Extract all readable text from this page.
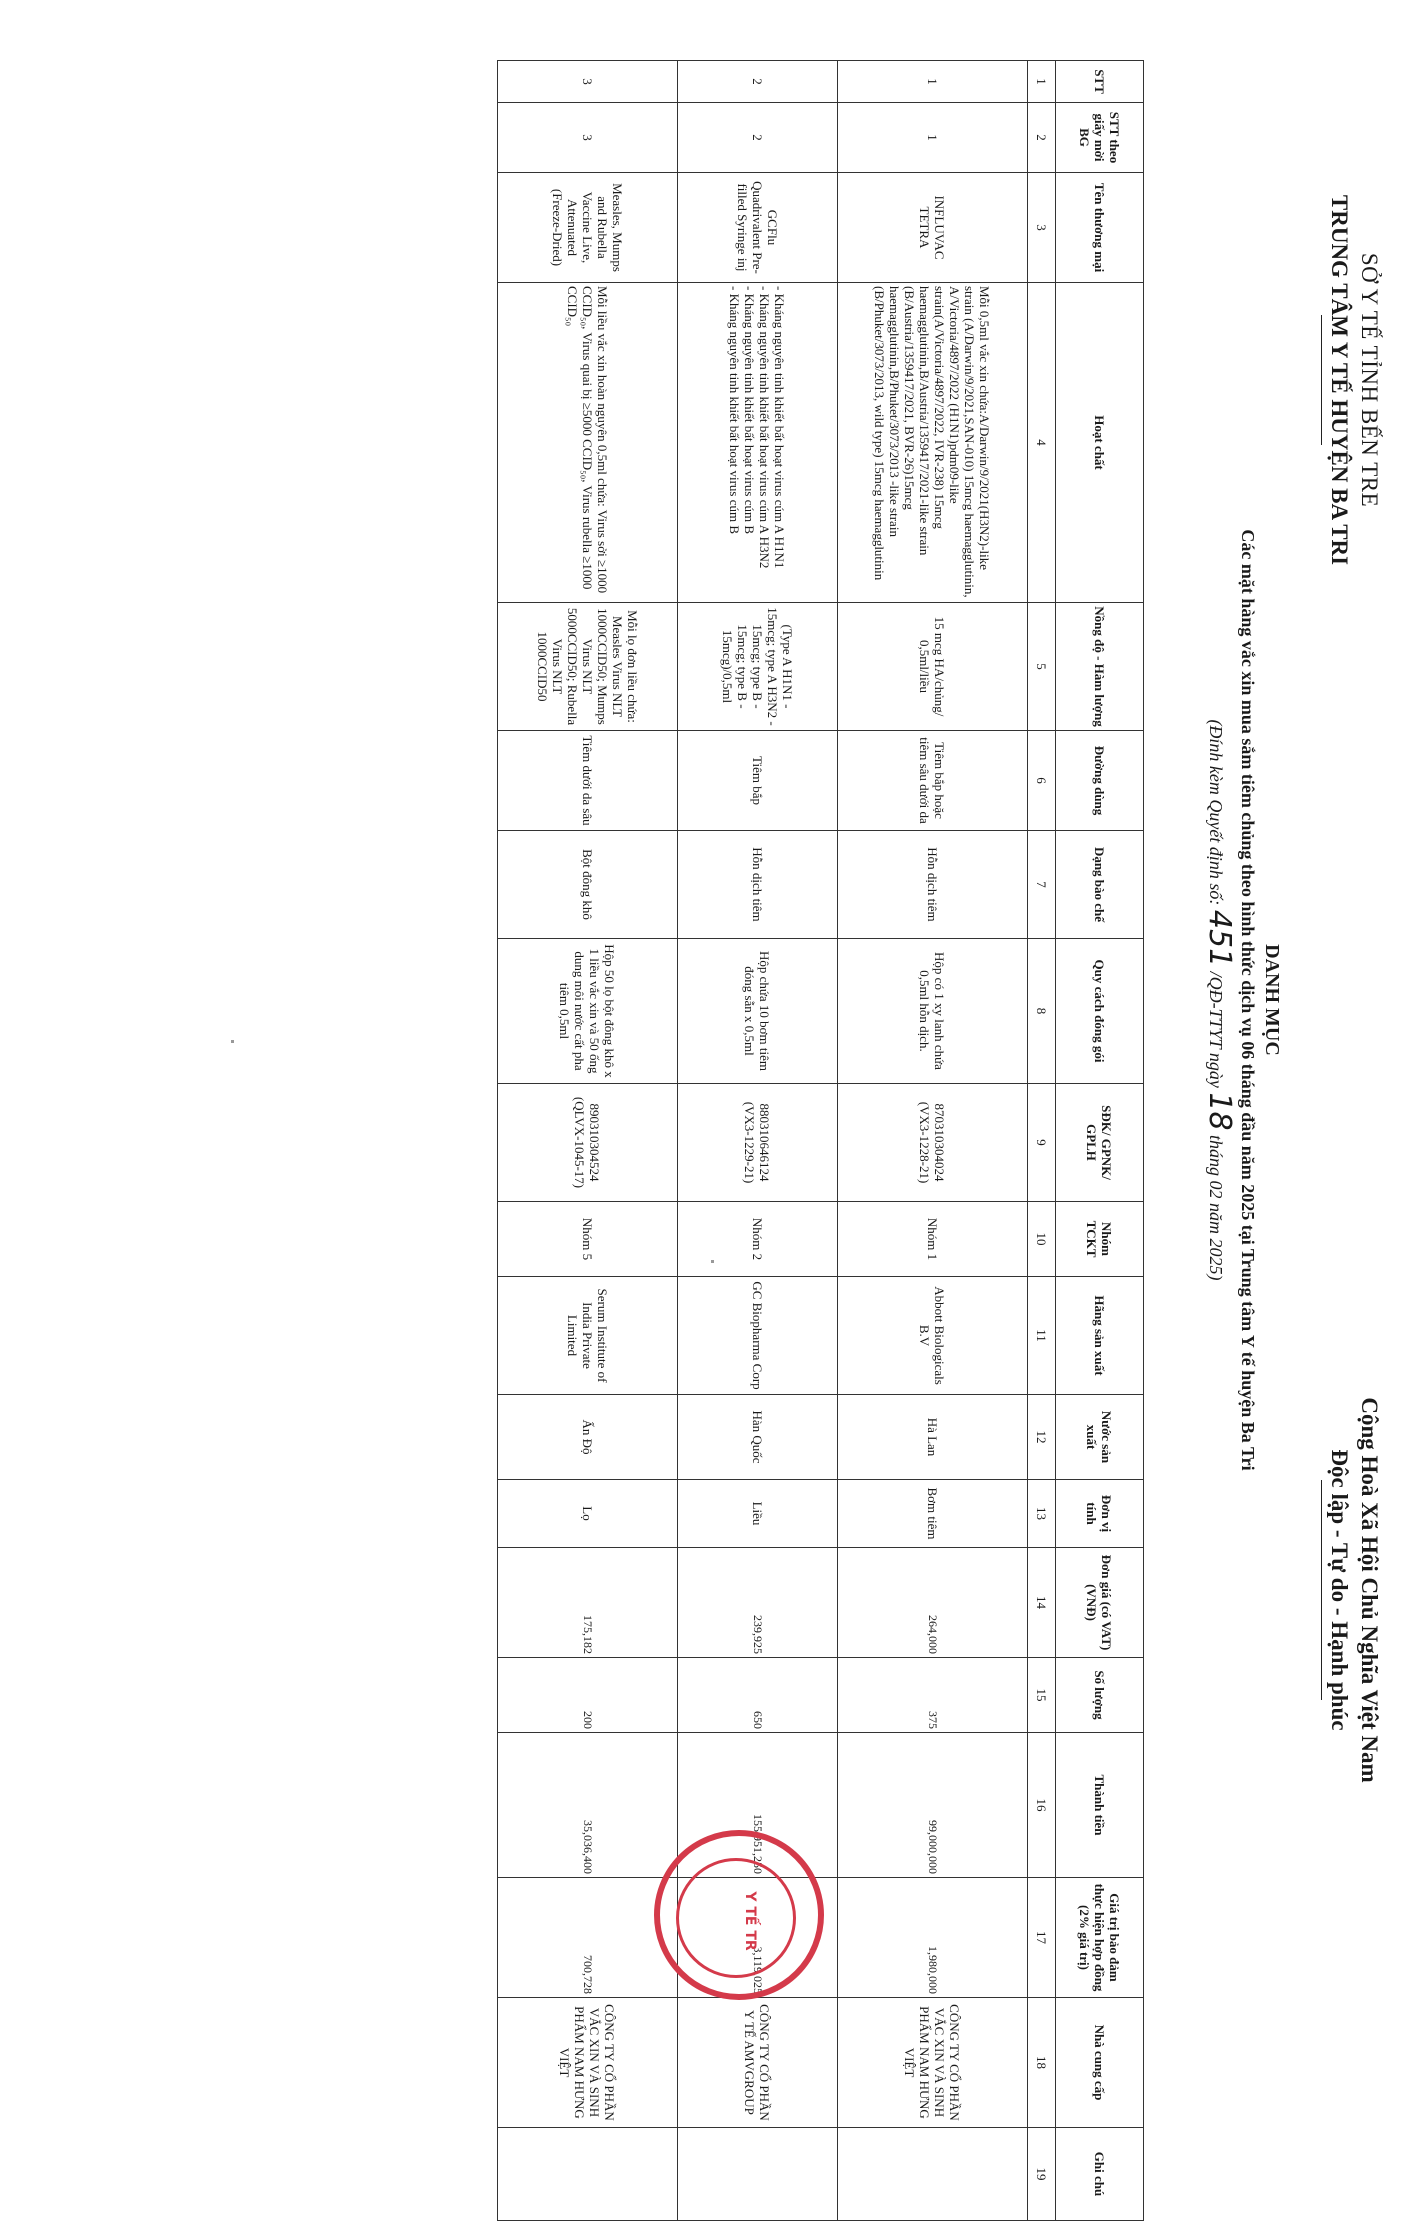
SỞ Y TẾ TỈNH BẾN TRE
TRUNG TÂM Y TẾ HUYỆN BA TRI
Cộng Hoà Xã Hội Chủ Nghĩa Việt Nam
Độc lập - Tự do - Hạnh phúc
DANH MỤC
Các mặt hàng vắc xin mua sắm tiêm chủng theo hình thức dịch vụ 06 tháng đầu năm 2025 tại Trung tâm Y tế huyện Ba Tri
(Đính kèm Quyết định số: 451 /QĐ-TTYT ngày 18 tháng 02 năm 2025)
STT	STT theo giấy mời BG	Tên thương mại	Hoạt chất	Nồng độ - Hàm lượng	Đường dùng	Dạng bào chế	Quy cách đóng gói	SĐK/ GPNK/ GPLH	Nhóm TCKT	Hãng sản xuất	Nước sản xuất	Đơn vị tính	Đơn giá (có VAT) (VNĐ)	Số lượng	Thành tiền	Giá trị bảo đảm thực hiện hợp đồng (2% giá trị)	Nhà cung cấp	Ghi chú
1	2	3	4	5	6	7	8	9	10	11	12	13	14	15	16	17	18	19
1	1	INFLUVAC TETRA	Mỗi 0,5ml vắc xin chứa:A/Darwin/9/2021(H3N2)-like strain (A/Darwin/9/2021,SAN-010) 15mcg haemagglutinin, A/Victoria/4897/2022 (H1N1)pdm09-like strain(A/Victoria/4897/2022, IVR-238) 15mcg haemagglutinin,B/Austria/1359417/2021-like strain (B/Austria/1359417/2021, BVR-26)15mcg haemagglutinin,B/Phuket/3073/2013 -like strain (B/Phuket/3073/2013, wild type) 15mcg haemagglutinin	15 mcg HA/chủng/ 0,5ml/liều	Tiêm bắp hoặc tiêm sâu dưới da	Hỗn dịch tiêm	Hộp có 1 xy lanh chứa 0,5ml hỗn dịch.	870310304024 (VX3-1228-21)	Nhóm 1	Abbott Biologicals B.V	Hà Lan	Bơm tiêm	264,000	375	99,000,000	1,980,000	CÔNG TY CỔ PHẦN VẮC XIN VÀ SINH PHẨM NAM HƯNG VIỆT	
2	2	GCFlu Quadrivalent Pre-filled Syringe inj	- Kháng nguyên tinh khiết bất hoạt virus cúm A H1N1

- Kháng nguyên tinh khiết bất hoạt virus cúm A H3N2

- Kháng nguyên tinh khiết bất hoạt virus cúm B

- Kháng nguyên tinh khiết bất hoạt virus cúm B	(Type A H1N1 - 15mcg; type A H3N2 - 15mcg; type B - 15mcg; type B - 15mcg)/0,5ml	Tiêm bắp	Hỗn dịch tiêm	Hộp chứa 10 bơm tiêm đóng sẵn x 0,5ml	880310646124 (VX3-1229-21)	Nhóm 2	GC Biopharma Corp	Hàn Quốc	Liều	239,925	650	155,951,250	3,119,025	CÔNG TY CỔ PHẦN Y TẾ AMVGROUP	
3	3	Measles, Mumps and Rubella Vaccine Live, Attenuated (Freeze-Dried)	Mỗi liều vắc xin hoàn nguyên 0,5ml chứa: Virus sởi ≥1000 CCID₅₀, Virus quai bị ≥5000 CCID₅₀, Virus rubella ≥1000 CCID₅₀	Mỗi lọ đơn liều chứa: Measles Virus NLT 1000CCID50; Mumps Virus NLT 5000CCID50; Rubella Virus NLT 1000CCID50	Tiêm dưới da sâu	Bột đông khô	Hộp 50 lọ bột đông khô x 1 liều vắc xin và 50 ống dung môi nước cất pha tiêm 0,5ml	890310304524 (QLVX-1045-17)	Nhóm 5	Serum Institute of India Private Limited	Ấn Độ	Lọ	175,182	200	35,036,400	700,728	CÔNG TY CỔ PHẦN VẮC XIN VÀ SINH PHẨM NAM HƯNG VIỆT	
Y TẾ TR
